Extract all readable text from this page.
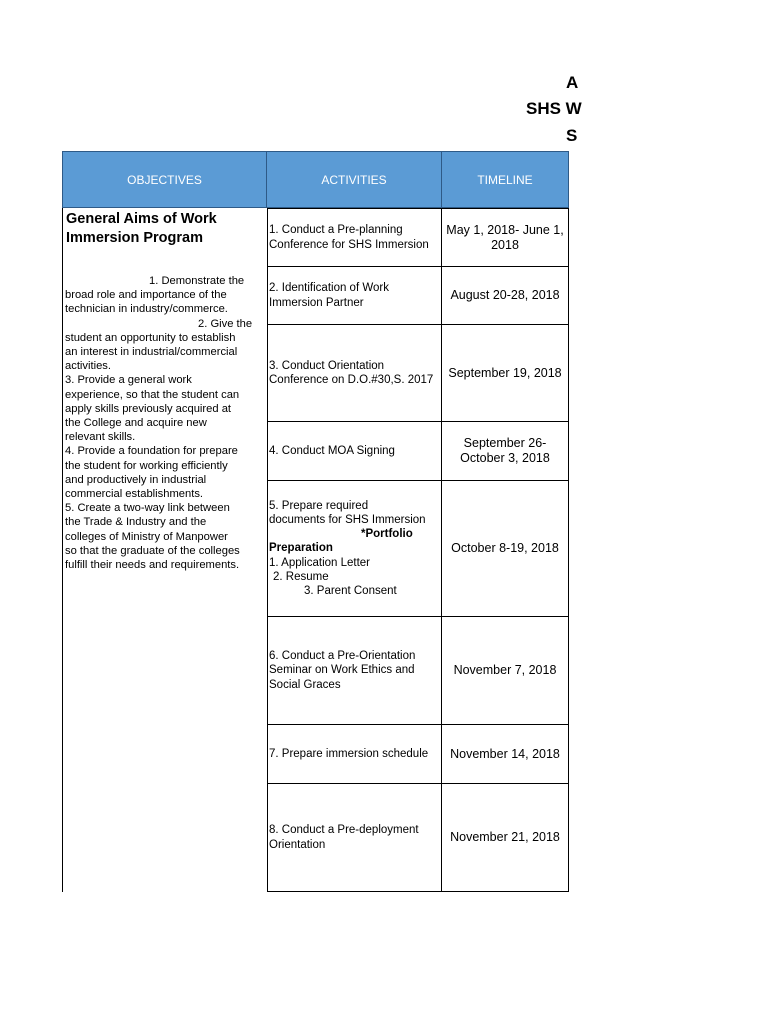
A
SHS W
S
OBJECTIVES	ACTIVITIES	TIMELINE
General Aims of Work Immersion Program
1. Demonstrate the
broad role and importance of the
technician in industry/commerce.
2. Give the
student an opportunity to establish
an interest in industrial/commercial
activities.
3. Provide a general work
experience, so that the student can
apply skills previously acquired at
the College and acquire new
relevant skills.
4. Provide a foundation for prepare
the student for working efficiently
and productively in industrial
commercial establishments.
5. Create a two-way link between
the Trade & Industry and the
colleges of Ministry of Manpower
so that the graduate of the colleges
fulfill their needs and requirements.
1. Conduct a Pre-planning Conference for SHS Immersion
May 1, 2018- June 1, 2018
2. Identification of Work Immersion Partner
August 20-28, 2018
3. Conduct Orientation Conference on D.O.#30,S. 2017
September 19, 2018
4. Conduct MOA Signing
September 26- October 3, 2018
5. Prepare required
documents for SHS Immersion
*Portfolio
Preparation
1. Application Letter
2. Resume
3. Parent Consent
October 8-19, 2018
6. Conduct a Pre-Orientation Seminar on Work Ethics and Social Graces
November 7, 2018
7. Prepare immersion schedule	November 14, 2018
8. Conduct a Pre-deployment Orientation
November 21, 2018
